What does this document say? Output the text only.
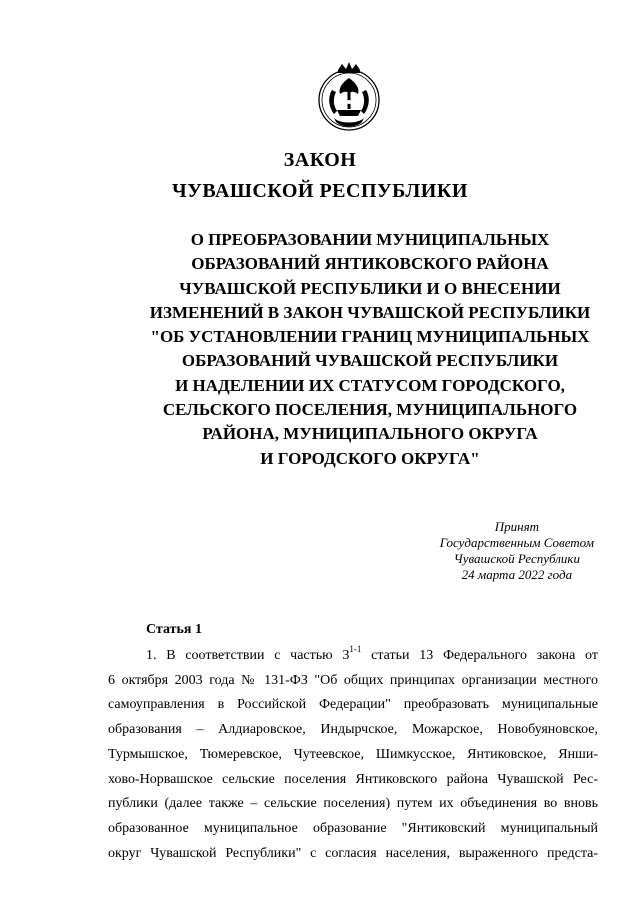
ЗАКОН
ЧУВАШСКОЙ РЕСПУБЛИКИ
О ПРЕОБРАЗОВАНИИ МУНИЦИПАЛЬНЫХ
ОБРАЗОВАНИЙ ЯНТИКОВСКОГО РАЙОНА
ЧУВАШСКОЙ РЕСПУБЛИКИ И О ВНЕСЕНИИ
ИЗМЕНЕНИЙ В ЗАКОН ЧУВАШСКОЙ РЕСПУБЛИКИ
"ОБ УСТАНОВЛЕНИИ ГРАНИЦ МУНИЦИПАЛЬНЫХ
ОБРАЗОВАНИЙ ЧУВАШСКОЙ РЕСПУБЛИКИ
И НАДЕЛЕНИИ ИХ СТАТУСОМ ГОРОДСКОГО,
СЕЛЬСКОГО ПОСЕЛЕНИЯ, МУНИЦИПАЛЬНОГО
РАЙОНА, МУНИЦИПАЛЬНОГО ОКРУГА
И ГОРОДСКОГО ОКРУГА"
Принят
Государственным Советом
Чувашской Республики
24 марта 2022 года
Статья 1
1. В соответствии с частью 3$^{1-1}$ статьи 13 Федерального закона от
6 октября 2003 года № 131-ФЗ "Об общих принципах организации местного
самоуправления в Российской Федерации" преобразовать муниципальные
образования – Алдиаровское, Индырчское, Можарское, Новобуяновское,
Турмышское, Тюмеревское, Чутеевское, Шимкусское, Янтиковское, Янши-
хово-Норвашское сельские поселения Янтиковского района Чувашской Рес-
публики (далее также – сельские поселения) путем их объединения во вновь
образованное муниципальное образование "Янтиковский муниципальный
округ Чувашской Республики" с согласия населения, выраженного предста-
